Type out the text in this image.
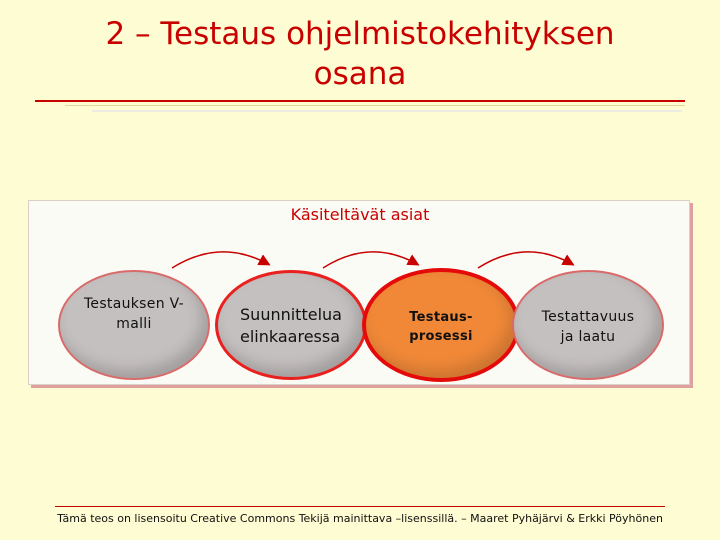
2 – Testaus ohjelmistokehityksen
osana
Käsiteltävät asiat
Testauksen V-
malli	Suunnittelua
elinkaaressa
Testaus-
prosessi
Testattavuus
ja laatu
Tämä teos on lisensoitu Creative Commons Tekijä mainittava –lisenssillä. – Maaret Pyhäjärvi & Erkki Pöyhönen
